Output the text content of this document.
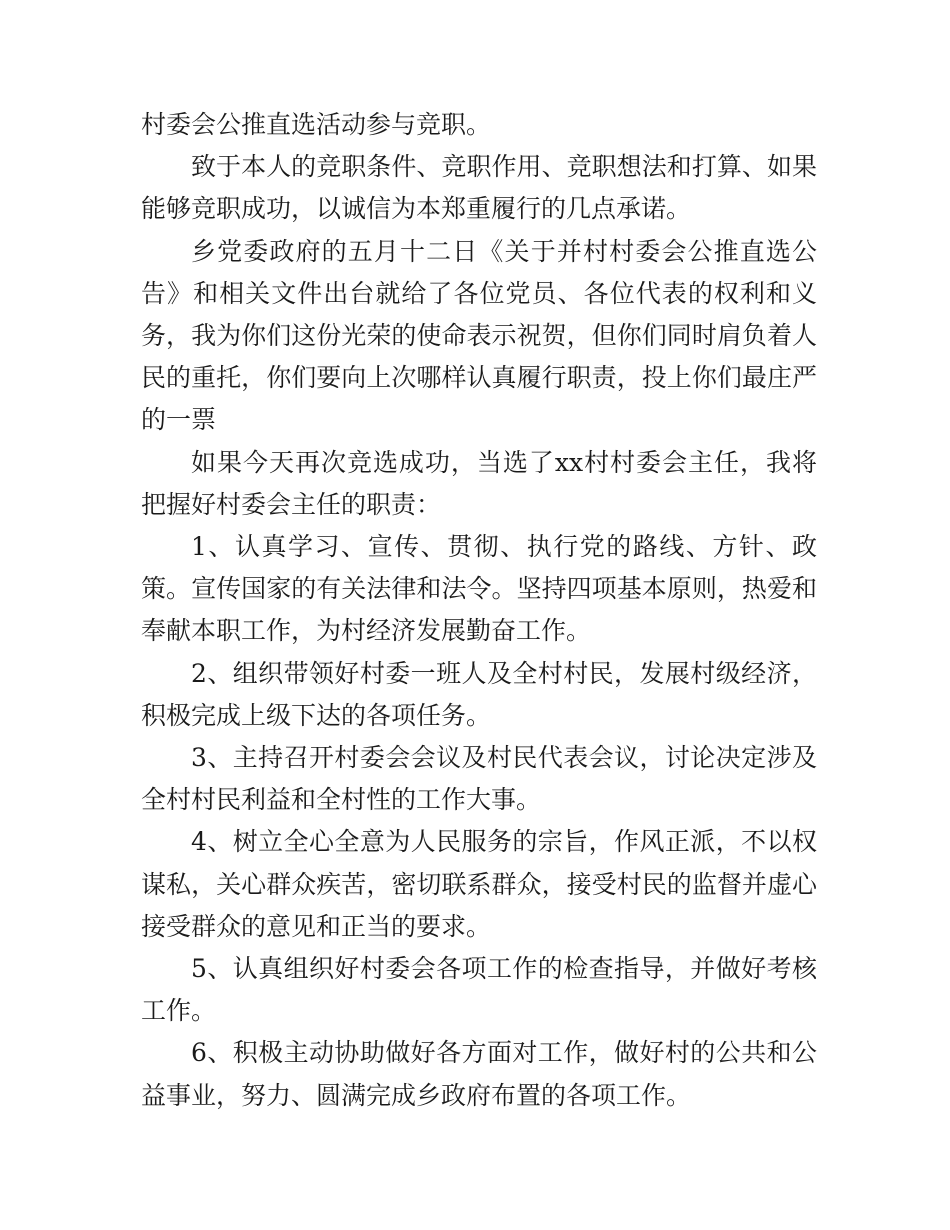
村委会公推直选活动参与竞职。

致于本人的竞职条件、竞职作用、竞职想法和打算、如果能够竞职成功，以诚信为本郑重履行的几点承诺。

乡党委政府的五月十二日《关于并村村委会公推直选公告》和相关文件出台就给了各位党员、各位代表的权利和义务，我为你们这份光荣的使命表示祝贺，但你们同时肩负着人民的重托，你们要向上次哪样认真履行职责，投上你们最庄严的一票

如果今天再次竞选成功，当选了xx村村委会主任，我将把握好村委会主任的职责：

1、认真学习、宣传、贯彻、执行党的路线、方针、政策。宣传国家的有关法律和法令。坚持四项基本原则，热爱和奉献本职工作，为村经济发展勤奋工作。

2、组织带领好村委一班人及全村村民，发展村级经济，积极完成上级下达的各项任务。

3、主持召开村委会会议及村民代表会议，讨论决定涉及全村村民利益和全村性的工作大事。

4、树立全心全意为人民服务的宗旨，作风正派，不以权谋私，关心群众疾苦，密切联系群众，接受村民的监督并虚心接受群众的意见和正当的要求。

5、认真组织好村委会各项工作的检查指导，并做好考核工作。

6、积极主动协助做好各方面对工作，做好村的公共和公益事业，努力、圆满完成乡政府布置的各项工作。
